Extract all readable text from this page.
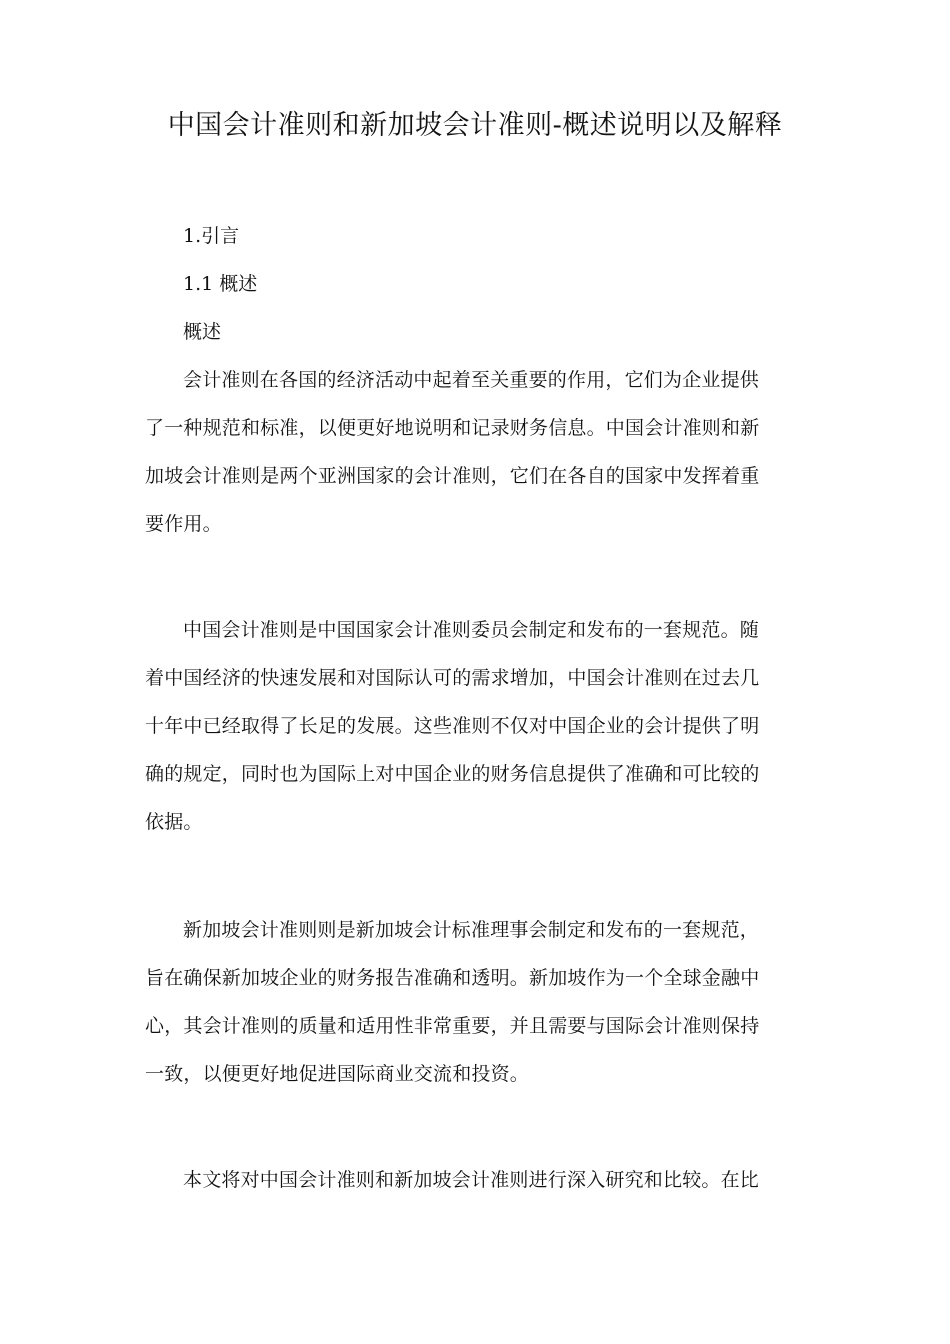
中国会计准则和新加坡会计准则-概述说明以及解释

1.引言

1.1 概述

概述

会计准则在各国的经济活动中起着至关重要的作用，它们为企业提供
了一种规范和标准，以便更好地说明和记录财务信息。中国会计准则和新
加坡会计准则是两个亚洲国家的会计准则，它们在各自的国家中发挥着重
要作用。
中国会计准则是中国国家会计准则委员会制定和发布的一套规范。随
着中国经济的快速发展和对国际认可的需求增加，中国会计准则在过去几
十年中已经取得了长足的发展。这些准则不仅对中国企业的会计提供了明
确的规定，同时也为国际上对中国企业的财务信息提供了准确和可比较的
依据。
新加坡会计准则则是新加坡会计标准理事会制定和发布的一套规范，
旨在确保新加坡企业的财务报告准确和透明。新加坡作为一个全球金融中
心，其会计准则的质量和适用性非常重要，并且需要与国际会计准则保持
一致，以便更好地促进国际商业交流和投资。
本文将对中国会计准则和新加坡会计准则进行深入研究和比较。在比
